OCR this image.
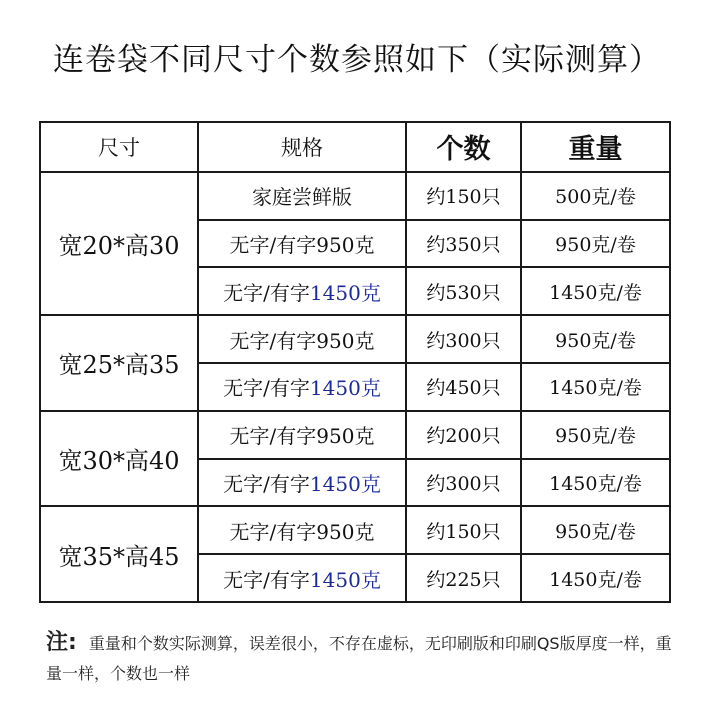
连卷袋不同尺寸个数参照如下（实际测算）
尺寸	规格	个数	重量
宽20*高30	家庭尝鲜版	约150只	500克/卷
	无字/有字950克	约350只	950克/卷
	无字/有字1450克	约530只	1450克/卷
宽25*高35	无字/有字950克	约300只	950克/卷
	无字/有字1450克	约450只	1450克/卷
宽30*高40	无字/有字950克	约200只	950克/卷
	无字/有字1450克	约300只	1450克/卷
宽35*高45	无字/有字950克	约150只	950克/卷
	无字/有字1450克	约225只	1450克/卷
注: 重量和个数实际测算，误差很小，不存在虚标，无印刷版和印刷QS版厚度一样，重量一样，个数也一样
